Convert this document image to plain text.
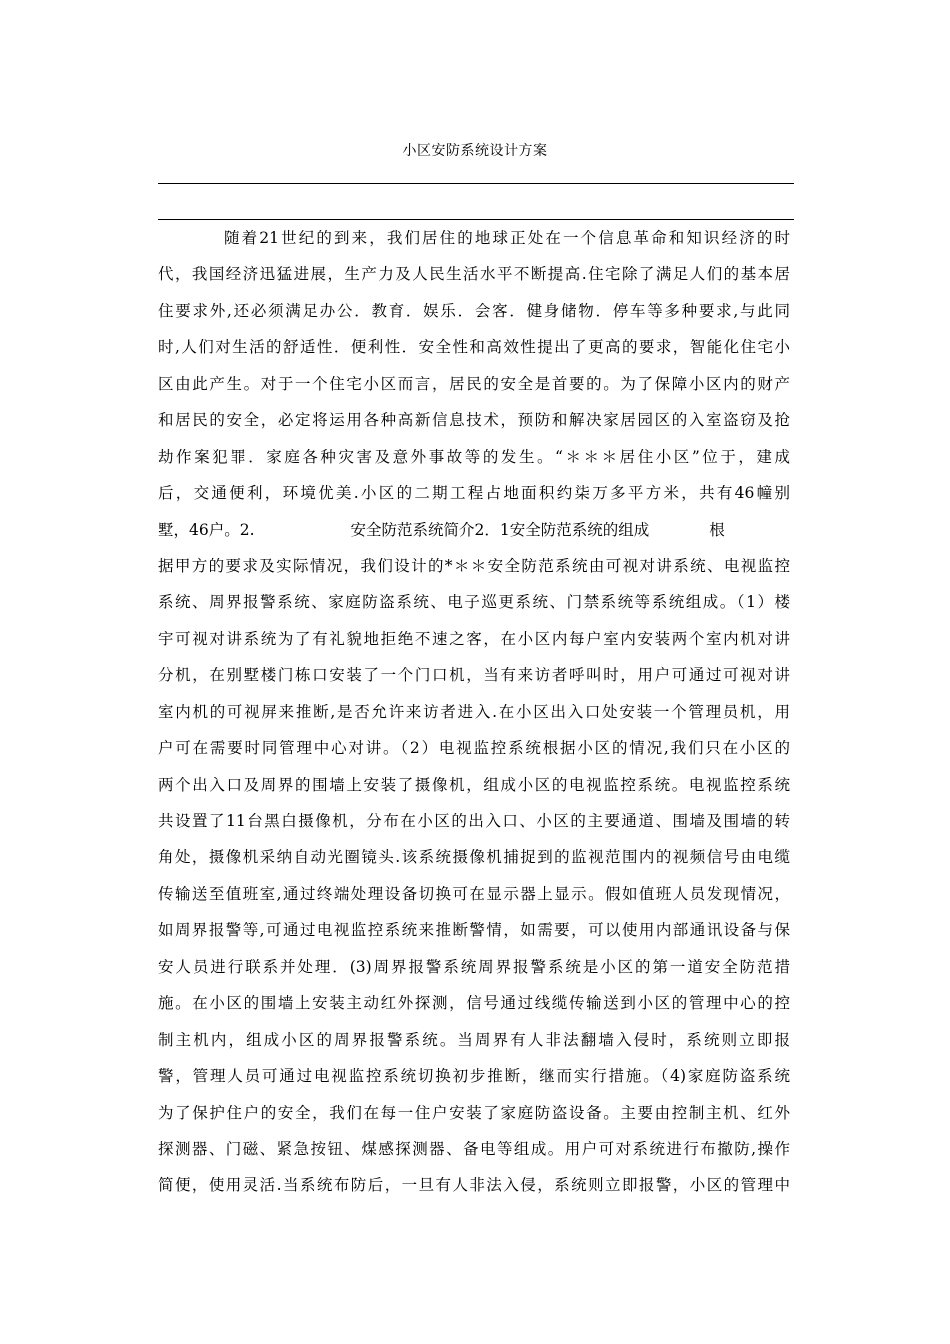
小区安防系统设计方案
随着21世纪的到来，我们居住的地球正处在一个信息革命和知识经济的时
代，我国经济迅猛进展，生产力及人民生活水平不断提高.住宅除了满足人们的基本居
住要求外,还必须满足办公．教育．娱乐．会客．健身储物．停车等多种要求,与此同
时,人们对生活的舒适性．便利性．安全性和高效性提出了更高的要求，智能化住宅小
区由此产生。对于一个住宅小区而言，居民的安全是首要的。为了保障小区内的财产
和居民的安全，必定将运用各种高新信息技术，预防和解决家居园区的入室盗窃及抢
劫作案犯罪．家庭各种灾害及意外事故等的发生。“＊＊＊居住小区”位于，建成
后，交通便利，环境优美.小区的二期工程占地面积约柒万多平方米，共有46幢别
墅，46户。2.	安全防范系统简介2．1安全防范系统的组成	根
据甲方的要求及实际情况，我们设计的*＊＊安全防范系统由可视对讲系统、电视监控
系统、周界报警系统、家庭防盗系统、电子巡更系统、门禁系统等系统组成。（1）楼
宇可视对讲系统为了有礼貌地拒绝不速之客，在小区内每户室内安装两个室内机对讲
分机，在别墅楼门栋口安装了一个门口机，当有来访者呼叫时，用户可通过可视对讲
室内机的可视屏来推断,是否允许来访者进入.在小区出入口处安装一个管理员机，用
户可在需要时同管理中心对讲。（2）电视监控系统根据小区的情况,我们只在小区的
两个出入口及周界的围墙上安装了摄像机，组成小区的电视监控系统。电视监控系统
共设置了11台黑白摄像机，分布在小区的出入口、小区的主要通道、围墙及围墙的转
角处，摄像机采纳自动光圈镜头.该系统摄像机捕捉到的监视范围内的视频信号由电缆
传输送至值班室,通过终端处理设备切换可在显示器上显示。假如值班人员发现情况，
如周界报警等,可通过电视监控系统来推断警情，如需要，可以使用内部通讯设备与保
安人员进行联系并处理．(3)周界报警系统周界报警系统是小区的第一道安全防范措
施。在小区的围墙上安装主动红外探测，信号通过线缆传输送到小区的管理中心的控
制主机内，组成小区的周界报警系统。当周界有人非法翻墙入侵时，系统则立即报
警，管理人员可通过电视监控系统切换初步推断，继而实行措施。（4)家庭防盗系统
为了保护住户的安全，我们在每一住户安装了家庭防盗设备。主要由控制主机、红外
探测器、门磁、紧急按钮、煤感探测器、备电等组成。用户可对系统进行布撤防,操作
简便，使用灵活.当系统布防后，一旦有人非法入侵，系统则立即报警，小区的管理中
